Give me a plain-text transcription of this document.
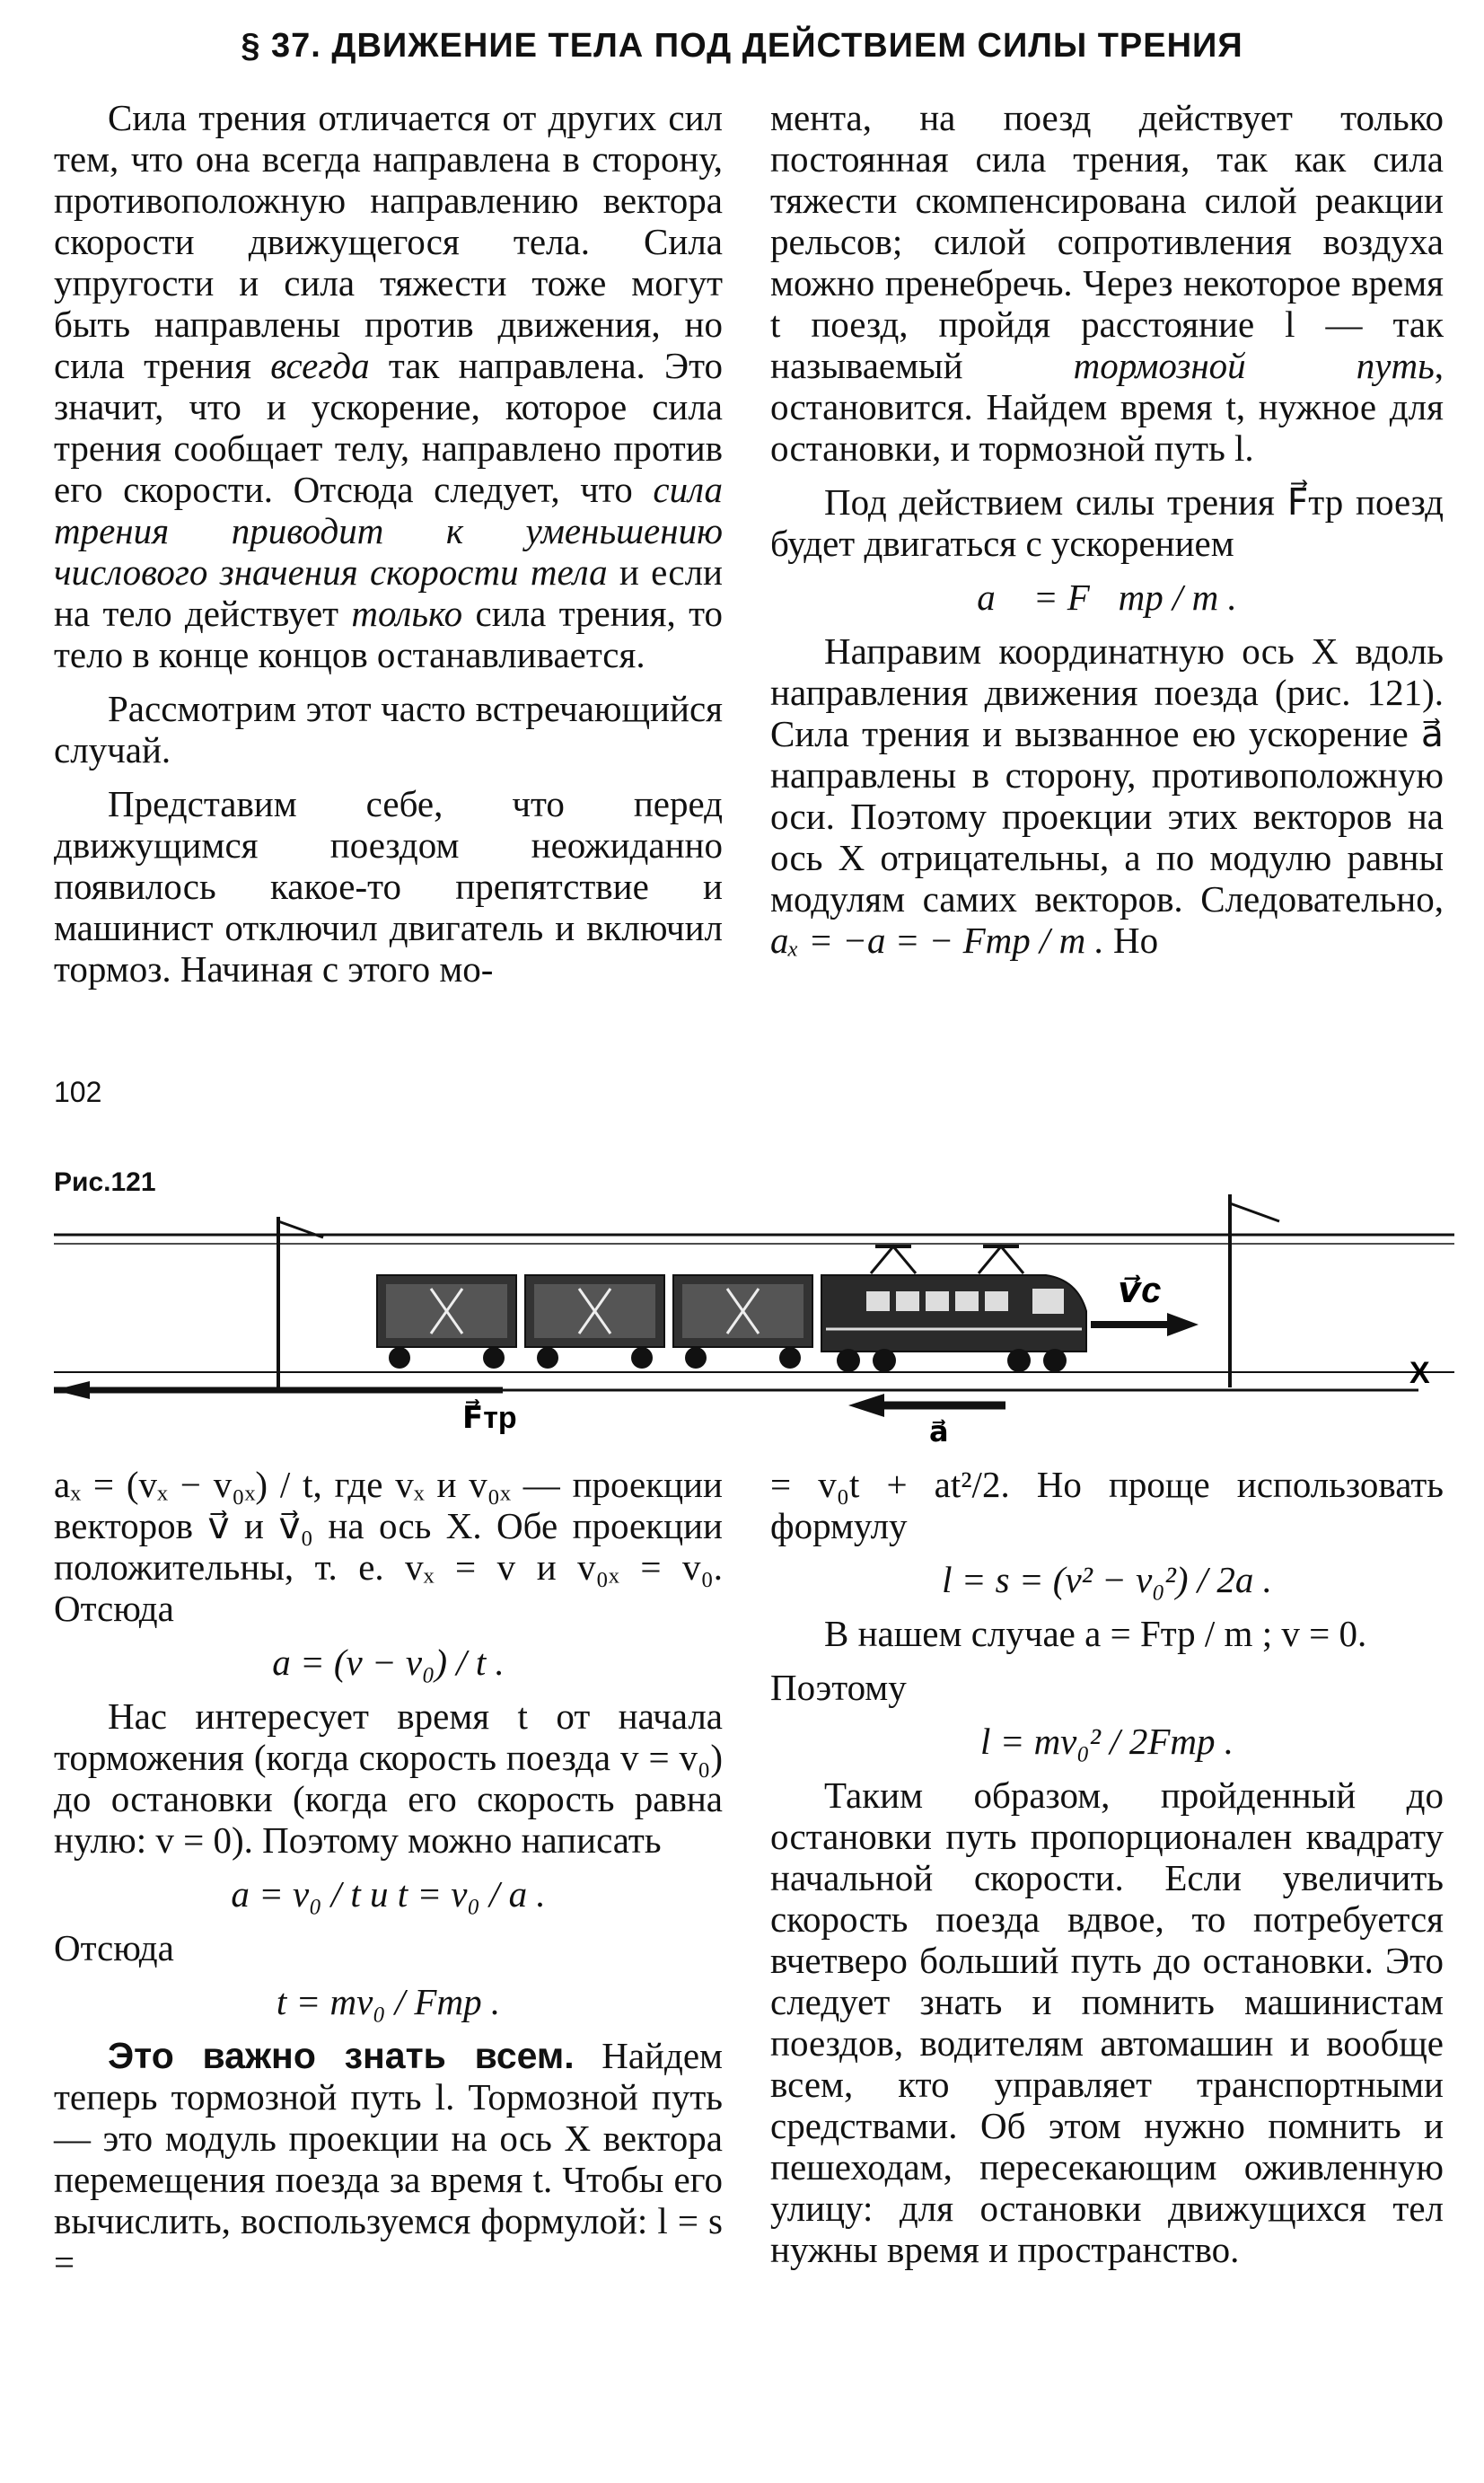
§ 37. ДВИЖЕНИЕ ТЕЛА ПОД ДЕЙСТВИЕМ СИЛЫ ТРЕНИЯ

Сила трения отличается от других сил тем, что она всегда направлена в сторону, противоположную направлению вектора скорости движущегося тела. Сила упругости и сила тяжести тоже могут быть направлены против движения, но сила трения всегда так направлена. Это значит, что и ускорение, которое сила трения сообщает телу, направлено против его скорости. Отсюда следует, что сила трения приводит к уменьшению числового значения скорости тела и если на тело действует только сила трения, то тело в конце концов останавливается.

Рассмотрим этот часто встречающийся случай.

Представим себе, что перед движущимся поездом неожиданно появилось какое-то препятствие и машинист отключил двигатель и включил тормоз. Начиная с этого мо-

мента, на поезд действует только постоянная сила трения, так как сила тяжести скомпенсирована силой реакции рельсов; силой сопротивления воздуха можно пренебречь. Через некоторое время t поезд, пройдя расстояние l — так называемый тормозной путь, остановится. Найдем время t, нужное для остановки, и тормозной путь l.

Под действием силы трения F⃗тр поезд будет двигаться с ускорением

a⃗ = F⃗тр / m .

Направим координатную ось X вдоль направления движения поезда (рис. 121). Сила трения и вызванное ею ускорение a⃗ направлены в сторону, противоположную оси. Поэтому проекции этих векторов на ось X отрицательны, а по модулю равны модулям самих векторов. Следовательно, aₓ = −a = − Fтр / m . Но

102
Рис.121
X
F⃗тр	a⃗
v⃗c

aₓ = (vₓ − v₀ₓ) / t, где vₓ и v₀ₓ — проекции векторов v⃗ и v⃗₀ на ось X. Обе проекции положительны, т. е. vₓ = v и v₀ₓ = v₀. Отсюда

a = (v − v₀) / t .

Нас интересует время t от начала торможения (когда скорость поезда v = v₀) до остановки (когда его скорость равна нулю: v = 0). Поэтому можно написать

a = v₀ / t и t = v₀ / a .

Отсюда

t = mv₀ / Fтр .

Это важно знать всем. Найдем теперь тормозной путь l. Тормозной путь — это модуль проекции на ось X вектора перемещения поезда за время t. Чтобы его вычислить, воспользуемся формулой: l = s =

= v₀t + at²/2. Но проще использовать формулу

l = s = (v² − v₀²) / 2a .

В нашем случае a = Fтр / m ; v = 0.

Поэтому

l = mv₀² / 2Fтр .

Таким образом, пройденный до остановки путь пропорционален квадрату начальной скорости. Если увеличить скорость поезда вдвое, то потребуется вчетверо больший путь до остановки. Это следует знать и помнить машинистам поездов, водителям автомашин и вообще всем, кто управляет транспортными средствами. Об этом нужно помнить и пешеходам, пересекающим оживленную улицу: для остановки движущихся тел нужны время и пространство.
